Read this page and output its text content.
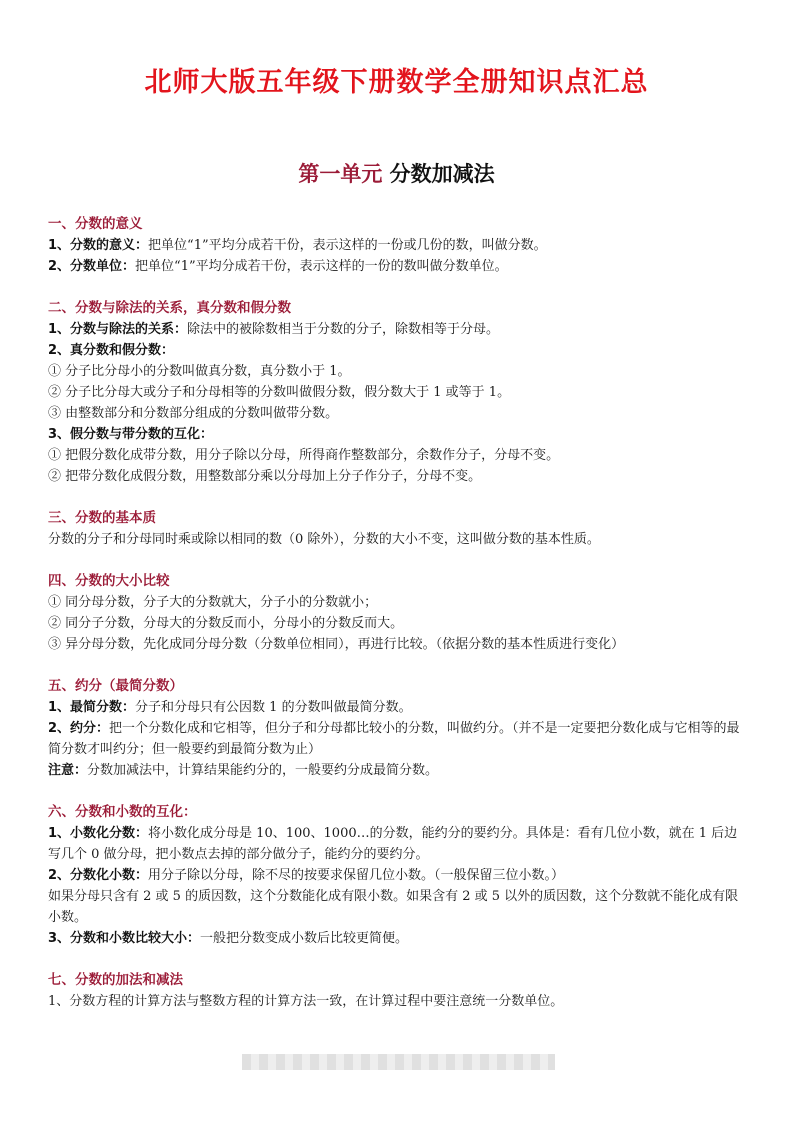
北师大版五年级下册数学全册知识点汇总
第一单元 分数加减法

一、分数的意义

1、分数的意义：把单位“1”平均分成若干份，表示这样的一份或几份的数，叫做分数。

2、分数单位：把单位“1”平均分成若干份，表示这样的一份的数叫做分数单位。

二、分数与除法的关系，真分数和假分数

1、分数与除法的关系：除法中的被除数相当于分数的分子，除数相等于分母。

2、真分数和假分数：

① 分子比分母小的分数叫做真分数，真分数小于 1。

② 分子比分母大或分子和分母相等的分数叫做假分数，假分数大于 1 或等于 1。

③ 由整数部分和分数部分组成的分数叫做带分数。

3、假分数与带分数的互化：

① 把假分数化成带分数，用分子除以分母，所得商作整数部分，余数作分子，分母不变。

② 把带分数化成假分数，用整数部分乘以分母加上分子作分子，分母不变。

三、分数的基本质

分数的分子和分母同时乘或除以相同的数（0 除外），分数的大小不变，这叫做分数的基本性质。

四、分数的大小比较

① 同分母分数，分子大的分数就大，分子小的分数就小；

② 同分子分数，分母大的分数反而小，分母小的分数反而大。

③ 异分母分数，先化成同分母分数（分数单位相同），再进行比较。（依据分数的基本性质进行变化）

五、约分（最简分数）

1、最简分数：分子和分母只有公因数 1 的分数叫做最简分数。

2、约分：把一个分数化成和它相等，但分子和分母都比较小的分数，叫做约分。（并不是一定要把分数化成与它相等的最简分数才叫约分；但一般要约到最简分数为止）

注意：分数加减法中，计算结果能约分的，一般要约分成最简分数。

六、分数和小数的互化：

1、小数化分数：将小数化成分母是 10、100、1000…的分数，能约分的要约分。具体是：看有几位小数，就在 1 后边写几个 0 做分母，把小数点去掉的部分做分子，能约分的要约分。

2、分数化小数：用分子除以分母，除不尽的按要求保留几位小数。（一般保留三位小数。）

如果分母只含有 2 或 5 的质因数，这个分数能化成有限小数。如果含有 2 或 5 以外的质因数，这个分数就不能化成有限小数。

3、分数和小数比较大小：一般把分数变成小数后比较更简便。

七、分数的加法和减法

1、分数方程的计算方法与整数方程的计算方法一致，在计算过程中要注意统一分数单位。
